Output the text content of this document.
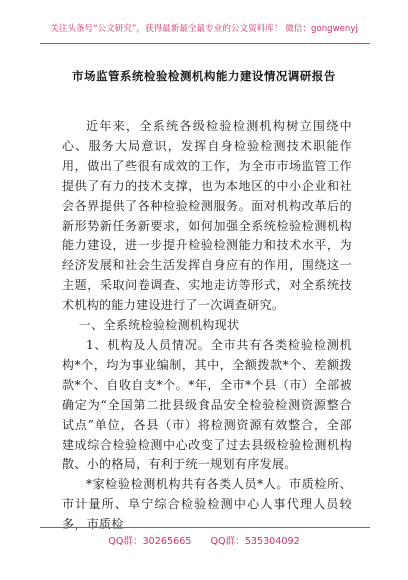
关注头条号“公文研究”，获得最新最全最专业的公文资料库！ 微信：gongwenyj
市场监管系统检验检测机构能力建设情况调研报告

近年来，全系统各级检验检测机构树立围绕中心、服务大局意识，发挥自身检验检测技术职能作用，做出了些很有成效的工作，为全市市场监管工作提供了有力的技术支撑，也为本地区的中小企业和社会各界提供了各种检验检测服务。面对机构改革后的新形势新任务新要求，如何加强全系统检验检测机构能力建设，进一步提升检验检测能力和技术水平，为经济发展和社会生活发挥自身应有的作用，围绕这一主题，采取问卷调查、实地走访等形式，对全系统技术机构的能力建设进行了一次调查研究。

一、全系统检验检测机构现状

1、机构及人员情况。全市共有各类检验检测机构*个，均为事业编制，其中，全额拨款*个、差额拨款*个、自收自支*个。*年，全市*个县（市）全部被确定为“全国第二批县级食品安全检验检测资源整合试点”单位，各县（市）将检测资源有效整合，全部建成综合检验检测中心改变了过去县级检验检测机构散、小的格局，有利于统一规划有序发展。

*家检验检测机构共有各类人员*人。市质检所、市计量所、阜宁综合检验检测中心人事代理人员较多，市质检

QQ群：30265665 QQ群：535304092
